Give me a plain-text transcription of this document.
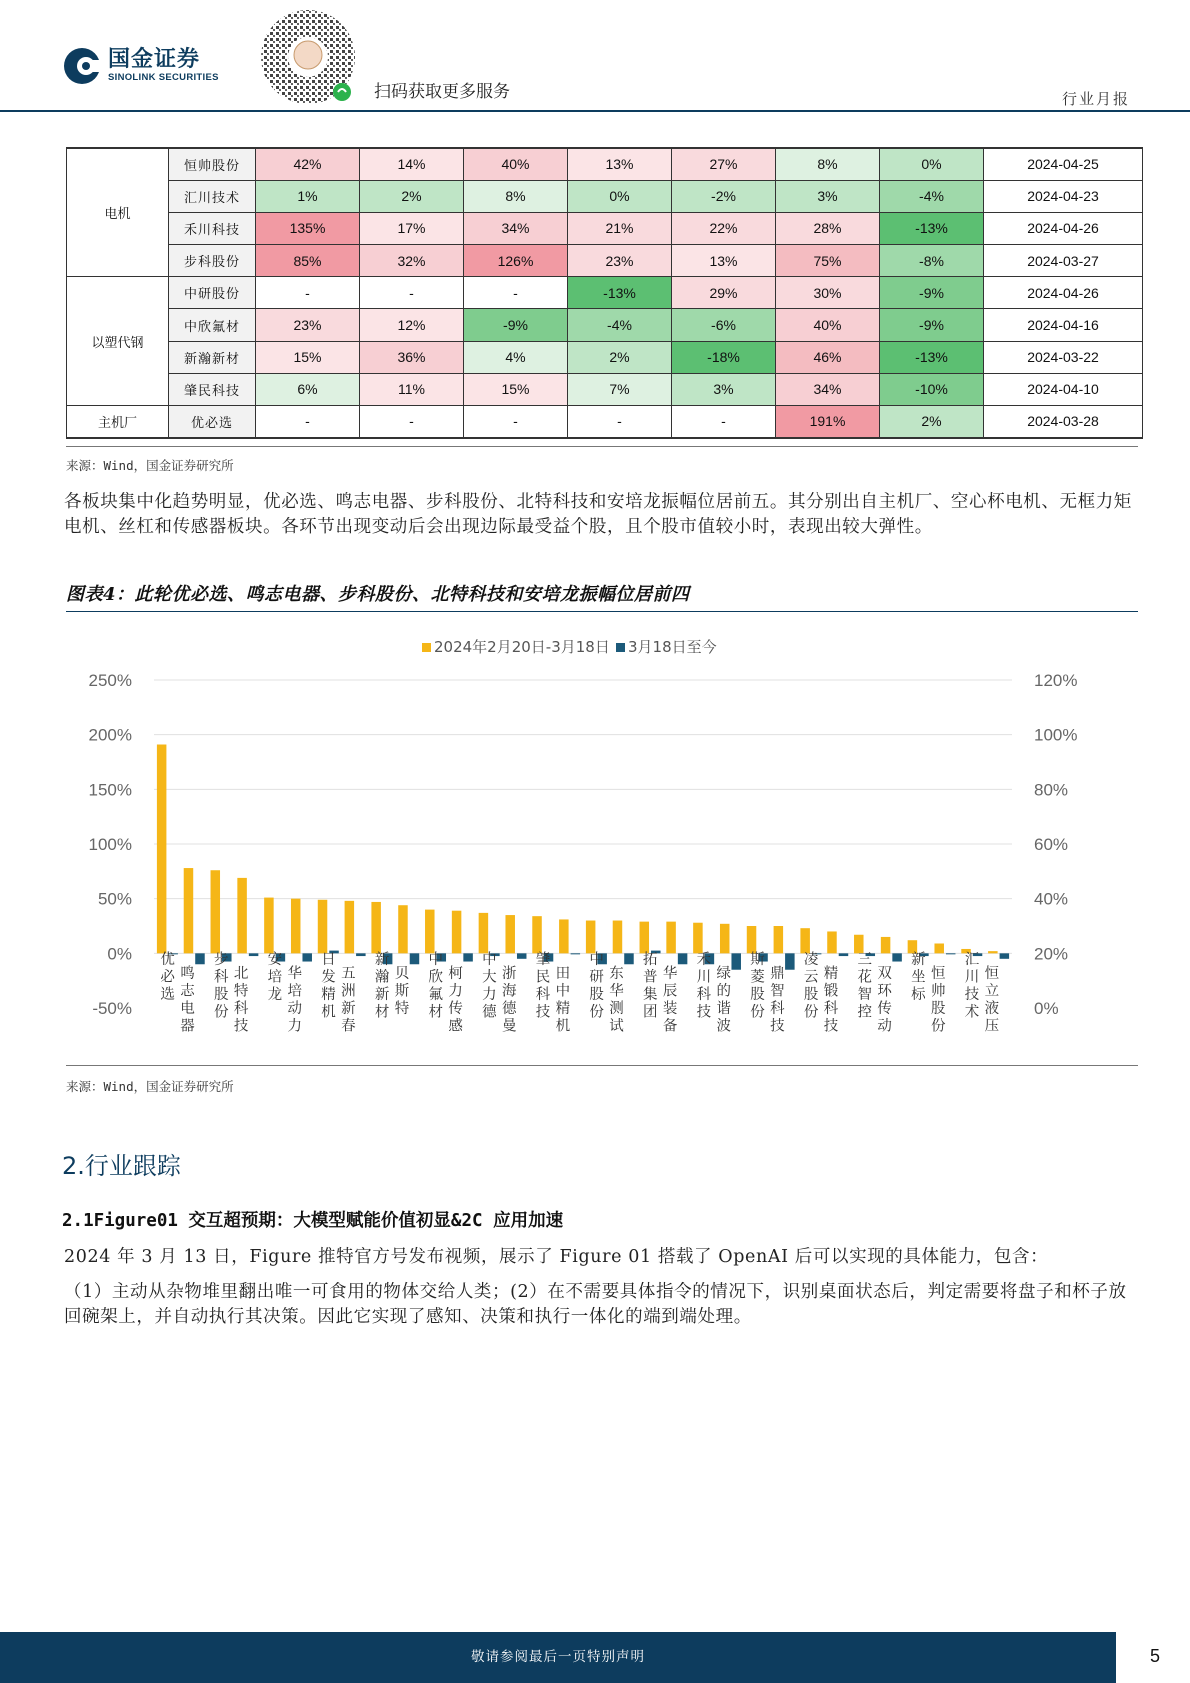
国金证券
SINOLINK SECURITIES
扫码获取更多服务	行业月报
电机	恒帅股份	42%	14%	40%	13%	27%	8%	0%	2024-04-25
	汇川技术	1%	2%	8%	0%	-2%	3%	-4%	2024-04-23
	禾川科技	135%	17%	34%	21%	22%	28%	-13%	2024-04-26
	步科股份	85%	32%	126%	23%	13%	75%	-8%	2024-03-27
以塑代钢	中研股份	-	-	-	-13%	29%	30%	-9%	2024-04-26
	中欣氟材	23%	12%	-9%	-4%	-6%	40%	-9%	2024-04-16
	新瀚新材	15%	36%	4%	2%	-18%	46%	-13%	2024-03-22
	肇民科技	6%	11%	15%	7%	3%	34%	-10%	2024-04-10
主机厂	优必选	-	-	-	-	-	191%	2%	2024-03-28
来源：Wind，国金证券研究所
各板块集中化趋势明显，优必选、鸣志电器、步科股份、北特科技和安培龙振幅位居前五。其分别出自主机厂、空心杯电机、无框力矩电机、丝杠和传感器板块。各环节出现变动后会出现边际最受益个股，且个股市值较小时，表现出较大弹性。
图表4：此轮优必选、鸣志电器、步科股份、北特科技和安培龙振幅位居前四
2024年2月20日-3月18日 3月18日至今
-50%	0%
0%	20%
50%	40%
100%	60%
150%	80%
200%	100%
250%	120%
优必选
鸣志电器
步科股份
北特科技
安培龙
华培动力
日发精机
五洲新春
新瀚新材
贝斯特
中欣氟材
柯力传感
中大力德
浙海德曼
肇民科技
田中精机
中研股份
东华测试
拓普集团
华辰装备
禾川科技
绿的谐波
斯菱股份
鼎智科技
凌云股份
精锻科技
三花智控
双环传动
新坐标
恒帅股份
汇川技术
恒立液压
来源：Wind，国金证券研究所
2.行业跟踪
2.1Figure01 交互超预期：大模型赋能价值初显&2C 应用加速
2024 年 3 月 13 日，Figure 推特官方号发布视频，展示了 Figure 01 搭载了 OpenAI 后可以实现的具体能力，包含：
（1）主动从杂物堆里翻出唯一可食用的物体交给人类；(2）在不需要具体指令的情况下，识别桌面状态后，判定需要将盘子和杯子放回碗架上，并自动执行其决策。因此它实现了感知、决策和执行一体化的端到端处理。
敬请参阅最后一页特别声明	5
